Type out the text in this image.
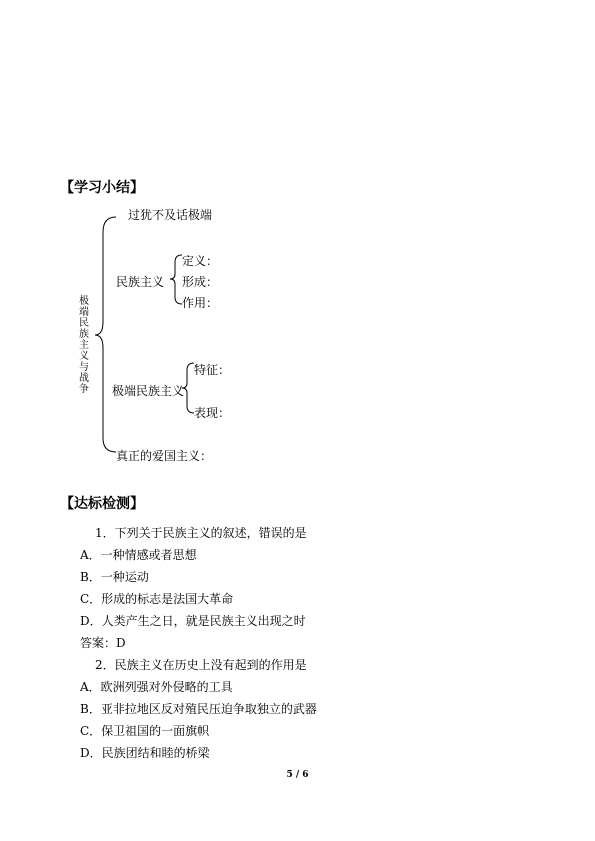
【学习小结】
极端民族主义与战争
过犹不及话极端
民族主义
定义：
形成：
作用：
极端民族主义
特征：
表现：
真正的爱国主义：
【达标检测】
1．下列关于民族主义的叙述，错误的是
A．一种情感或者思想
B．一种运动
C．形成的标志是法国大革命
D．人类产生之日，就是民族主义出现之时
答案：D
2．民族主义在历史上没有起到的作用是
A．欧洲列强对外侵略的工具
B．亚非拉地区反对殖民压迫争取独立的武器
C．保卫祖国的一面旗帜
D．民族团结和睦的桥梁
5 / 6
